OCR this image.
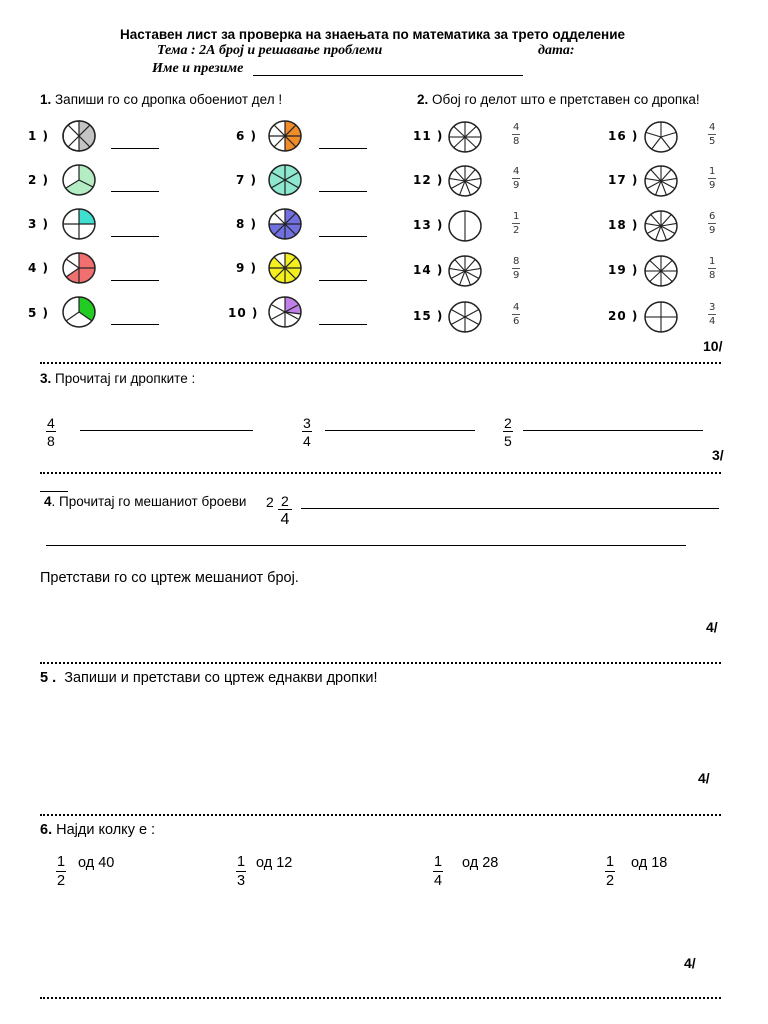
Наставен лист за проверка на знаењата по математика за трето одделение
Тема : 2А број и решавање проблеми	дата:
Име и презиме
1. Запиши го со дропка обоениот дел !	2. Обој го делот што е претставен со дропка!
1 )
2 )
3 )
4 )
5 )
6 )
7 )
8 )
9 )
10 )
11 )	$\frac{4}{8}$
12 )	$\frac{4}{9}$
13 )	$\frac{1}{2}$
14 )	$\frac{8}{9}$
15 )	$\frac{4}{6}$
16 )	$\frac{4}{5}$
17 )	$\frac{1}{9}$
18 )	$\frac{6}{9}$
19 )	$\frac{1}{8}$
20 )	$\frac{3}{4}$
10/
3. Прочитај ги дропките :
$\frac{4}{8}$	$\frac{3}{4}$	$\frac{2}{5}$
3/
4. Прочитај го мешаниот броеви $2 \frac{2}{4}$
Претстави го со цртеж мешаниот број.
4/
5 . Запиши и претстави со цртеж еднакви дропки!
4/
6. Најди колку е :
$\frac{1}{2}$ од 40	$\frac{1}{3}$ од 12	$\frac{1}{4}$ од 28	$\frac{1}{2}$ од 18
4/
